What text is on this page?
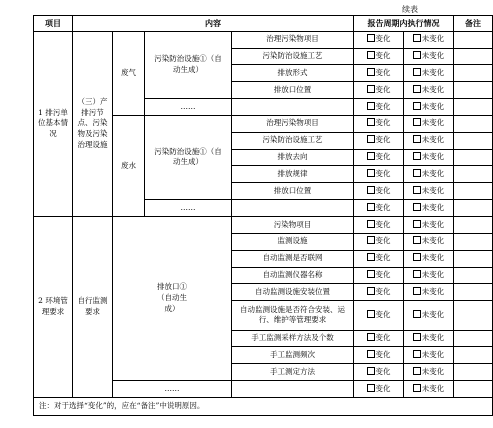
续表
项目	内容				报告周期内执行情况		备注
1 排污单位基本情况	（三）产排污节点、污染物及污染治理设施	废气	污染防治设施①（自动生成）	治理污染物项目	变化	未变化	
				污染防治设施工艺	变化	未变化	
				排放形式	变化	未变化	
				排放口位置	变化	未变化	
			……		变化	未变化	
		废水	污染防治设施①（自动生成）	治理污染物项目	变化	未变化	
				污染防治设施工艺	变化	未变化	
				排放去向	变化	未变化	
				排放规律	变化	未变化	
				排放口位置	变化	未变化	
			……		变化	未变化	
2 环境管理要求	自行监测要求	排放口①（自动生成）		污染物项目	变化	未变化	
				监测设施	变化	未变化	
				自动监测是否联网	变化	未变化	
				自动监测仪器名称	变化	未变化	
				自动监测设施安装位置	变化	未变化	
				自动监测设施是否符合安装、运行、维护等管理要求	变化	未变化	
				手工监测采样方法及个数	变化	未变化	
				手工监测频次	变化	未变化	
				手工测定方法	变化	未变化	
		……			变化	未变化	
注：对于选择“变化”的，应在“备注”中说明原因。							
